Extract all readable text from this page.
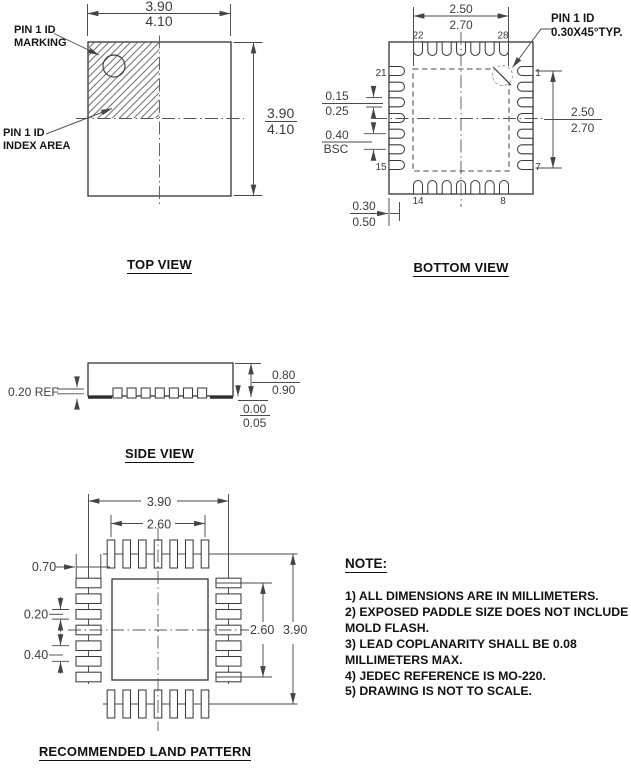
3.90
4.10
3.90
4.10
2.50
2.70
2.50
2.70
0.15
0.25
0.40
BSC
0.30
0.50
22	28
21
15
14	8
1
7
0.20 REF
0.80
0.90
0.00
0.05
3.90
2.60
0.70
0.20
0.40
2.60 3.90
PIN 1 ID
MARKING
PIN 1 ID
INDEX AREA
PIN 1 ID
0.30X45°TYP.
TOP VIEW	BOTTOM VIEW
SIDE VIEW
RECOMMENDED LAND PATTERN
NOTE:
1) ALL DIMENSIONS ARE IN MILLIMETERS.
2) EXPOSED PADDLE SIZE DOES NOT INCLUDE MOLD FLASH.
3) LEAD COPLANARITY SHALL BE 0.08 MILLIMETERS MAX.
4) JEDEC REFERENCE IS MO-220.
5) DRAWING IS NOT TO SCALE.
